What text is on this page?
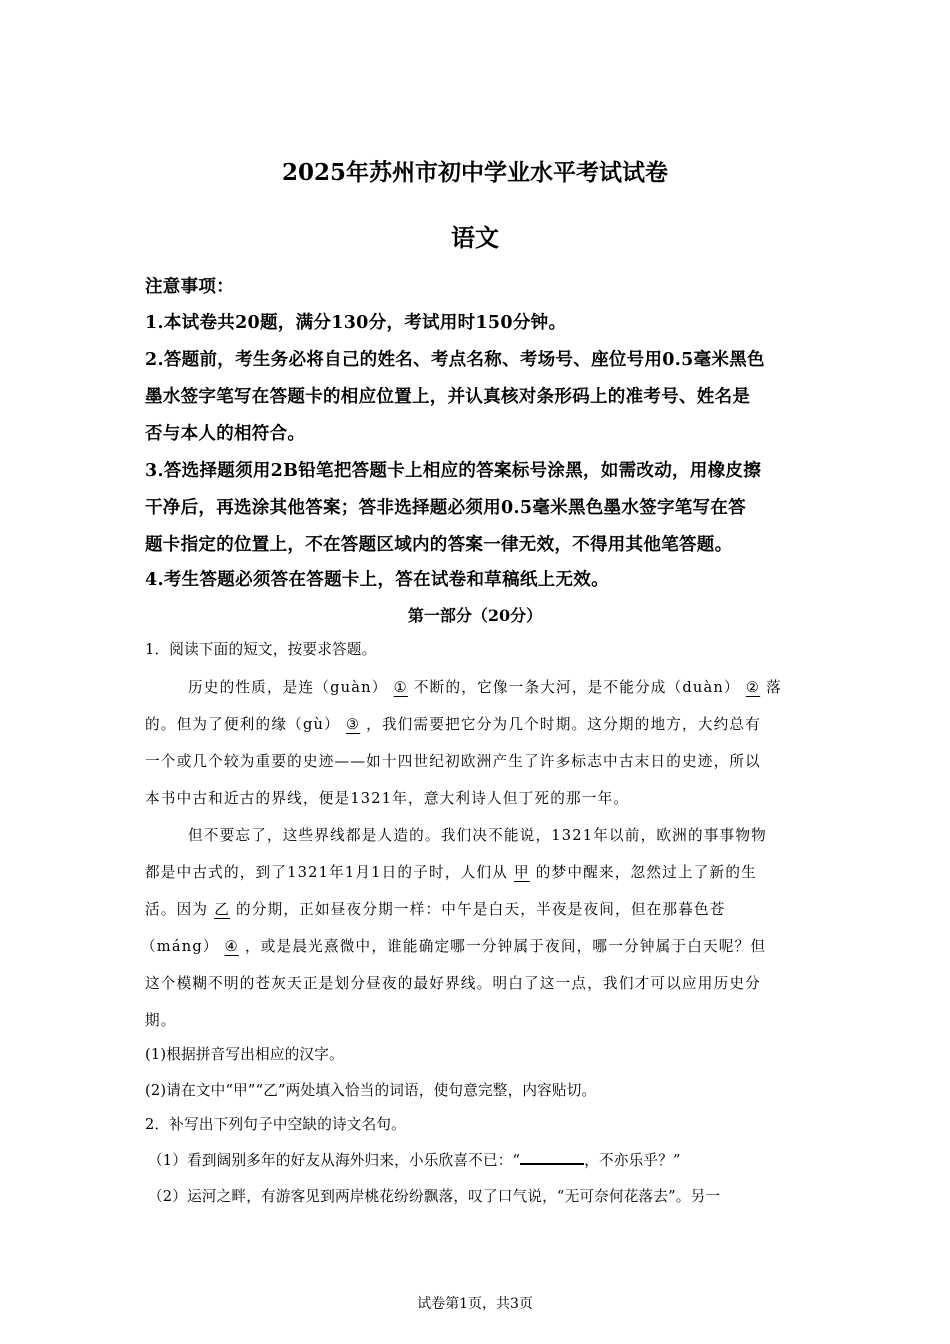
2025年苏州市初中学业水平考试试卷
语文
注意事项：
1.本试卷共20题，满分130分，考试用时150分钟。
2.答题前，考生务必将自己的姓名、考点名称、考场号、座位号用0.5毫米黑色
墨水签字笔写在答题卡的相应位置上，并认真核对条形码上的准考号、姓名是
否与本人的相符合。
3.答选择题须用2B铅笔把答题卡上相应的答案标号涂黑，如需改动，用橡皮擦
干净后，再选涂其他答案；答非选择题必须用0.5毫米黑色墨水签字笔写在答
题卡指定的位置上，不在答题区域内的答案一律无效，不得用其他笔答题。
4.考生答题必须答在答题卡上，答在试卷和草稿纸上无效。
第一部分（20分）
1．阅读下面的短文，按要求答题。
历史的性质，是连（guàn） ① 不断的，它像一条大河，是不能分成（duàn） ② 落
的。但为了便利的缘（gù） ③ ，我们需要把它分为几个时期。这分期的地方，大约总有
一个或几个较为重要的史迹——如十四世纪初欧洲产生了许多标志中古末日的史迹，所以
本书中古和近古的界线，便是1321年，意大利诗人但丁死的那一年。
但不要忘了，这些界线都是人造的。我们决不能说，1321年以前，欧洲的事事物物
都是中古式的，到了1321年1月1日的子时，人们从 甲 的梦中醒来，忽然过上了新的生
活。因为 乙 的分期，正如昼夜分期一样：中午是白天，半夜是夜间，但在那暮色苍
（máng） ④ ，或是晨光熹微中，谁能确定哪一分钟属于夜间，哪一分钟属于白天呢？但
这个模糊不明的苍灰天正是划分昼夜的最好界线。明白了这一点，我们才可以应用历史分
期。
(1)根据拼音写出相应的汉字。
(2)请在文中“甲”“乙”两处填入恰当的词语，使句意完整，内容贴切。
2．补写出下列句子中空缺的诗文名句。
（1）看到阔别多年的好友从海外归来，小乐欣喜不已：“	，不亦乐乎？”
（2）运河之畔，有游客见到两岸桃花纷纷飘落，叹了口气说，“无可奈何花落去”。另一
试卷第1页，共3页
